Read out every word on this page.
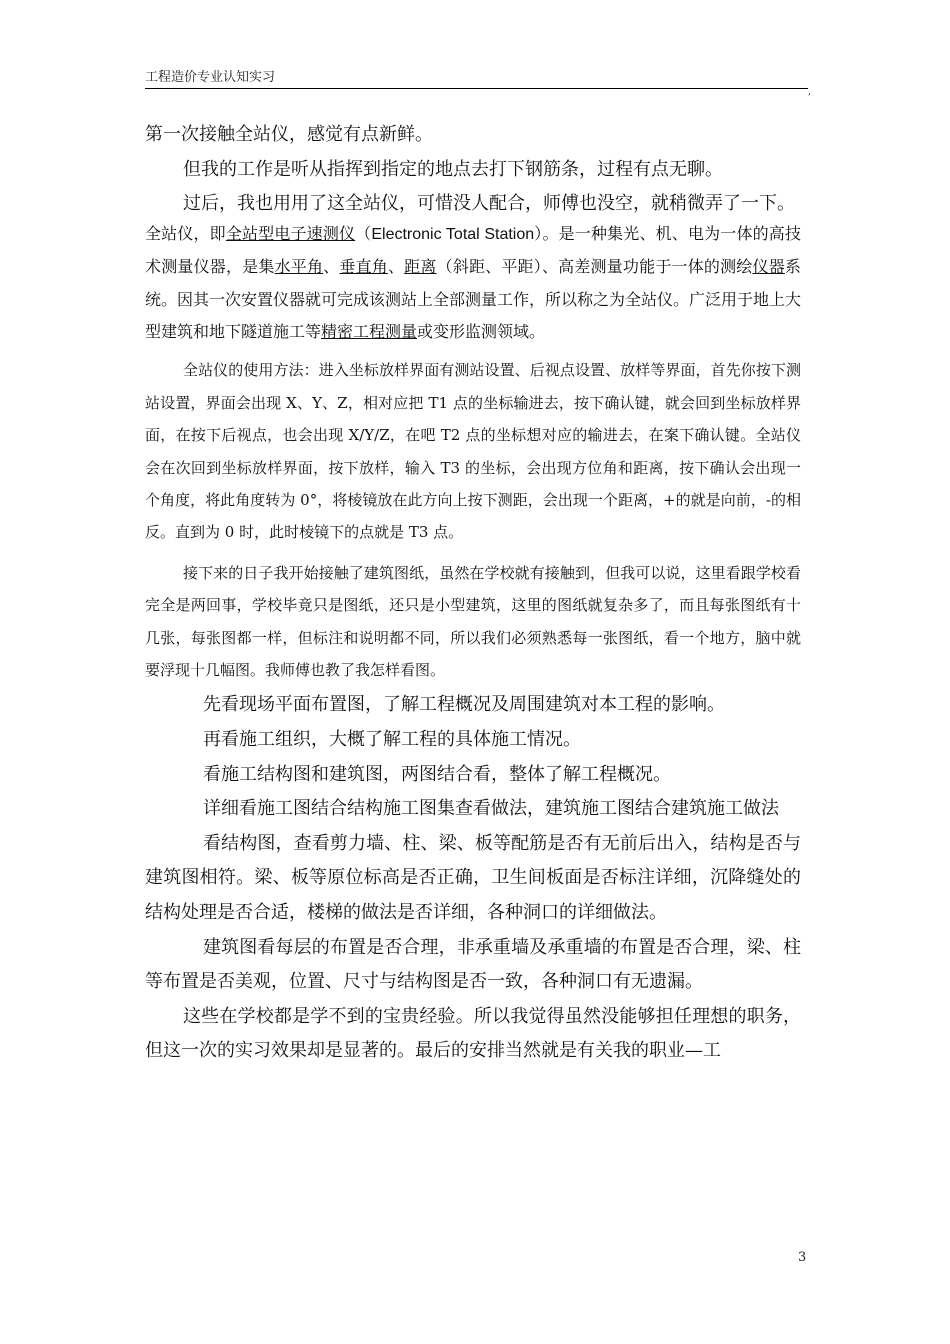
工程造价专业认知实习
,

第一次接触全站仪，感觉有点新鲜。

但我的工作是听从指挥到指定的地点去打下钢筋条，过程有点无聊。

过后，我也用用了这全站仪，可惜没人配合，师傅也没空，就稍微弄了一下。

全站仪，即全站型电子速测仪（Electronic Total Station）。是一种集光、机、电为一体的高技术测量仪器，是集水平角、垂直角、距离（斜距、平距）、高差测量功能于一体的测绘仪器系统。因其一次安置仪器就可完成该测站上全部测量工作，所以称之为全站仪。广泛用于地上大型建筑和地下隧道施工等精密工程测量或变形监测领域。

全站仪的使用方法：进入坐标放样界面有测站设置、后视点设置、放样等界面，首先你按下测站设置，界面会出现 X、Y、Z，相对应把 T1 点的坐标输进去，按下确认键，就会回到坐标放样界面，在按下后视点，也会出现 X/Y/Z，在吧 T2 点的坐标想对应的输进去，在案下确认键。全站仪会在次回到坐标放样界面，按下放样，输入 T3 的坐标，会出现方位角和距离，按下确认会出现一个角度，将此角度转为 0°，将棱镜放在此方向上按下测距，会出现一个距离，+的就是向前，-的相反。直到为 0 时，此时棱镜下的点就是 T3 点。

接下来的日子我开始接触了建筑图纸，虽然在学校就有接触到，但我可以说，这里看跟学校看完全是两回事，学校毕竟只是图纸，还只是小型建筑，这里的图纸就复杂多了，而且每张图纸有十几张，每张图都一样，但标注和说明都不同，所以我们必须熟悉每一张图纸，看一个地方，脑中就要浮现十几幅图。我师傅也教了我怎样看图。

先看现场平面布置图，了解工程概况及周围建筑对本工程的影响。

再看施工组织，大概了解工程的具体施工情况。

看施工结构图和建筑图，两图结合看，整体了解工程概况。

详细看施工图结合结构施工图集查看做法，建筑施工图结合建筑施工做法

看结构图，查看剪力墙、柱、梁、板等配筋是否有无前后出入，结构是否与建筑图相符。梁、板等原位标高是否正确，卫生间板面是否标注详细，沉降缝处的结构处理是否合适，楼梯的做法是否详细，各种洞口的详细做法。

建筑图看每层的布置是否合理，非承重墙及承重墙的布置是否合理，梁、柱等布置是否美观，位置、尺寸与结构图是否一致，各种洞口有无遗漏。

这些在学校都是学不到的宝贵经验。所以我觉得虽然没能够担任理想的职务，但这一次的实习效果却是显著的。最后的安排当然就是有关我的职业—工

3
